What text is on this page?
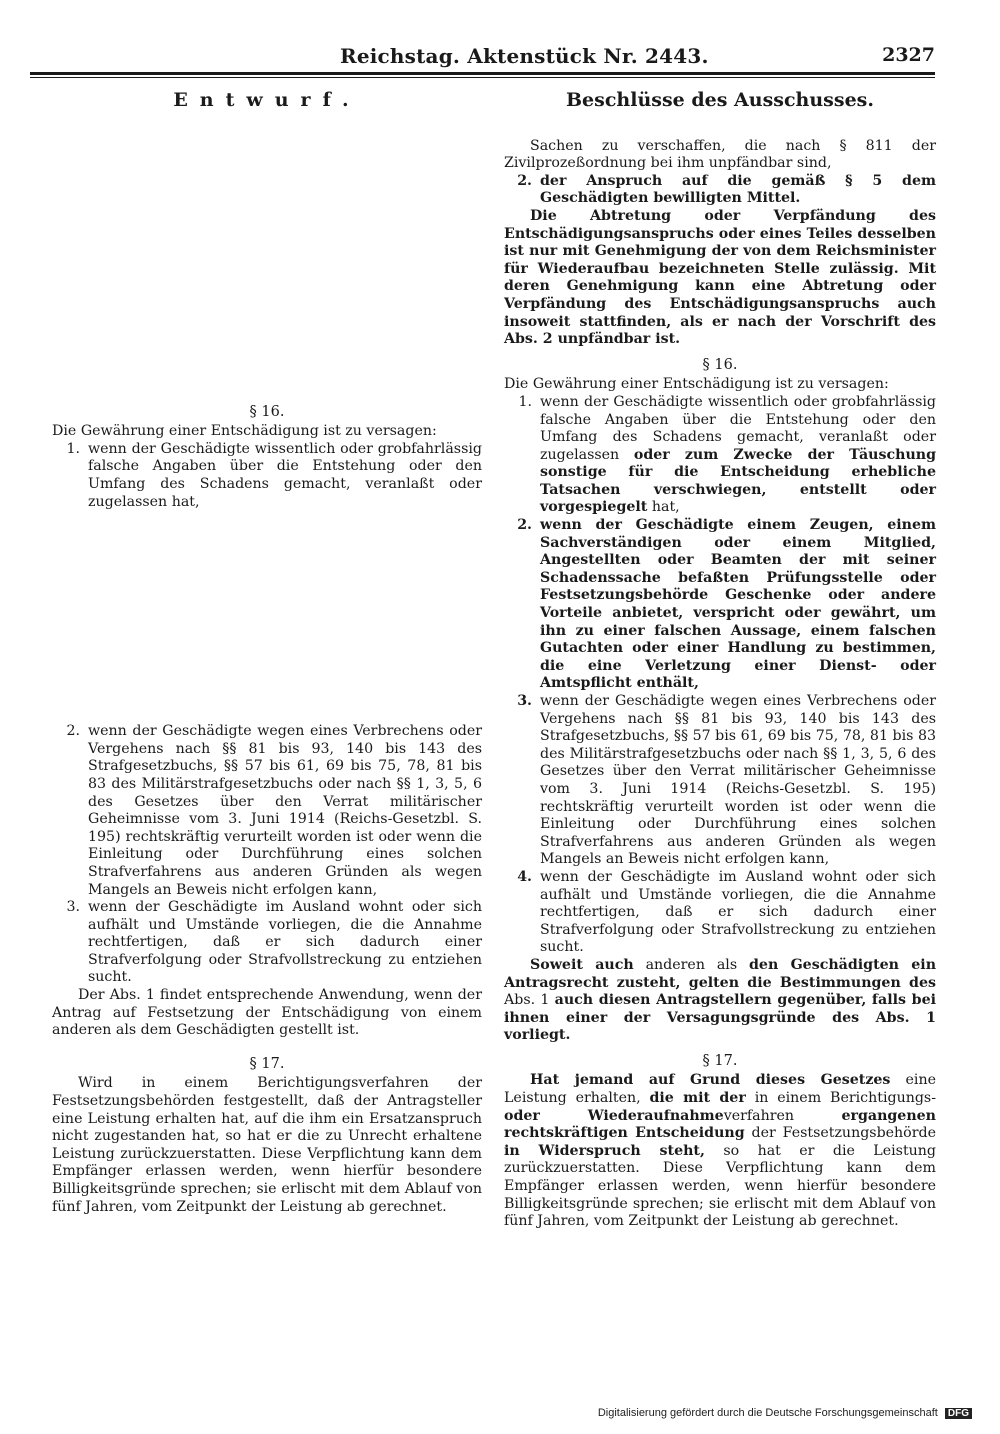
Reichstag. Aktenstück Nr. 2443.	2327
Entwurf.
§ 16.

Die Gewährung einer Entschädigung ist zu versagen:

1. wenn der Geschädigte wissentlich oder grobfahrlässig falsche Angaben über die Entstehung oder den Umfang des Schadens gemacht, veranlaßt oder zugelassen hat,
2. wenn der Geschädigte wegen eines Verbrechens oder Vergehens nach §§ 81 bis 93, 140 bis 143 des Strafgesetzbuchs, §§ 57 bis 61, 69 bis 75, 78, 81 bis 83 des Militärstrafgesetzbuchs oder nach §§ 1, 3, 5, 6 des Gesetzes über den Verrat militärischer Geheimnisse vom 3. Juni 1914 (Reichs-Gesetzbl. S. 195) rechtskräftig verurteilt worden ist oder wenn die Einleitung oder Durchführung eines solchen Strafverfahrens aus anderen Gründen als wegen Mangels an Beweis nicht erfolgen kann,
3. wenn der Geschädigte im Ausland wohnt oder sich aufhält und Umstände vorliegen, die die Annahme rechtfertigen, daß er sich dadurch einer Strafverfolgung oder Strafvollstreckung zu entziehen sucht.

Der Abs. 1 findet entsprechende Anwendung, wenn der Antrag auf Festsetzung der Entschädigung von einem anderen als dem Geschädigten gestellt ist.

§ 17.

Wird in einem Berichtigungsverfahren der Festsetzungsbehörden festgestellt, daß der Antragsteller eine Leistung erhalten hat, auf die ihm ein Ersatzanspruch nicht zugestanden hat, so hat er die zu Unrecht erhaltene Leistung zurückzuerstatten. Diese Verpflichtung kann dem Empfänger erlassen werden, wenn hierfür besondere Billigkeitsgründe sprechen; sie erlischt mit dem Ablauf von fünf Jahren, vom Zeitpunkt der Leistung ab gerechnet.

Beschlüsse des Ausschusses.

Sachen zu verschaffen, die nach § 811 der Zivilprozeßordnung bei ihm unpfändbar sind,

2. der Anspruch auf die gemäß § 5 dem Geschädigten bewilligten Mittel.

Die Abtretung oder Verpfändung des Entschädigungsanspruchs oder eines Teiles desselben ist nur mit Genehmigung der von dem Reichsminister für Wiederaufbau bezeichneten Stelle zulässig. Mit deren Genehmigung kann eine Abtretung oder Verpfändung des Entschädigungsanspruchs auch insoweit stattfinden, als er nach der Vorschrift des Abs. 2 unpfändbar ist.

§ 16.

Die Gewährung einer Entschädigung ist zu versagen:

1. wenn der Geschädigte wissentlich oder grobfahrlässig falsche Angaben über die Entstehung oder den Umfang des Schadens gemacht, veranlaßt oder zugelassen oder zum Zwecke der Täuschung sonstige für die Entscheidung erhebliche Tatsachen verschwiegen, entstellt oder vorgespiegelt hat,
2. wenn der Geschädigte einem Zeugen, einem Sachverständigen oder einem Mitglied, Angestellten oder Beamten der mit seiner Schadenssache befaßten Prüfungsstelle oder Festsetzungsbehörde Geschenke oder andere Vorteile anbietet, verspricht oder gewährt, um ihn zu einer falschen Aussage, einem falschen Gutachten oder einer Handlung zu bestimmen, die eine Verletzung einer Dienst- oder Amtspflicht enthält,
3. wenn der Geschädigte wegen eines Verbrechens oder Vergehens nach §§ 81 bis 93, 140 bis 143 des Strafgesetzbuchs, §§ 57 bis 61, 69 bis 75, 78, 81 bis 83 des Militärstrafgesetzbuchs oder nach §§ 1, 3, 5, 6 des Gesetzes über den Verrat militärischer Geheimnisse vom 3. Juni 1914 (Reichs-Gesetzbl. S. 195) rechtskräftig verurteilt worden ist oder wenn die Einleitung oder Durchführung eines solchen Strafverfahrens aus anderen Gründen als wegen Mangels an Beweis nicht erfolgen kann,
4. wenn der Geschädigte im Ausland wohnt oder sich aufhält und Umstände vorliegen, die die Annahme rechtfertigen, daß er sich dadurch einer Strafverfolgung oder Strafvollstreckung zu entziehen sucht.

Soweit auch anderen als den Geschädigten ein Antragsrecht zusteht, gelten die Bestimmungen des Abs. 1 auch diesen Antragstellern gegenüber, falls bei ihnen einer der Versagungsgründe des Abs. 1 vorliegt.

§ 17.

Hat jemand auf Grund dieses Gesetzes eine Leistung erhalten, die mit der in einem Berichtigungs-oder Wiederaufnahmeverfahren	ergangenen rechtskräftigen Entscheidung der Festsetzungsbehörde in Widerspruch steht, so hat er die Leistung zurückzuerstatten. Diese Verpflichtung kann dem Empfänger erlassen werden, wenn hierfür besondere Billigkeitsgründe sprechen; sie erlischt mit dem Ablauf von fünf Jahren, vom Zeitpunkt der Leistung ab gerechnet.

Digitalisierung gefördert durch die Deutsche Forschungsgemeinschaft DFG
